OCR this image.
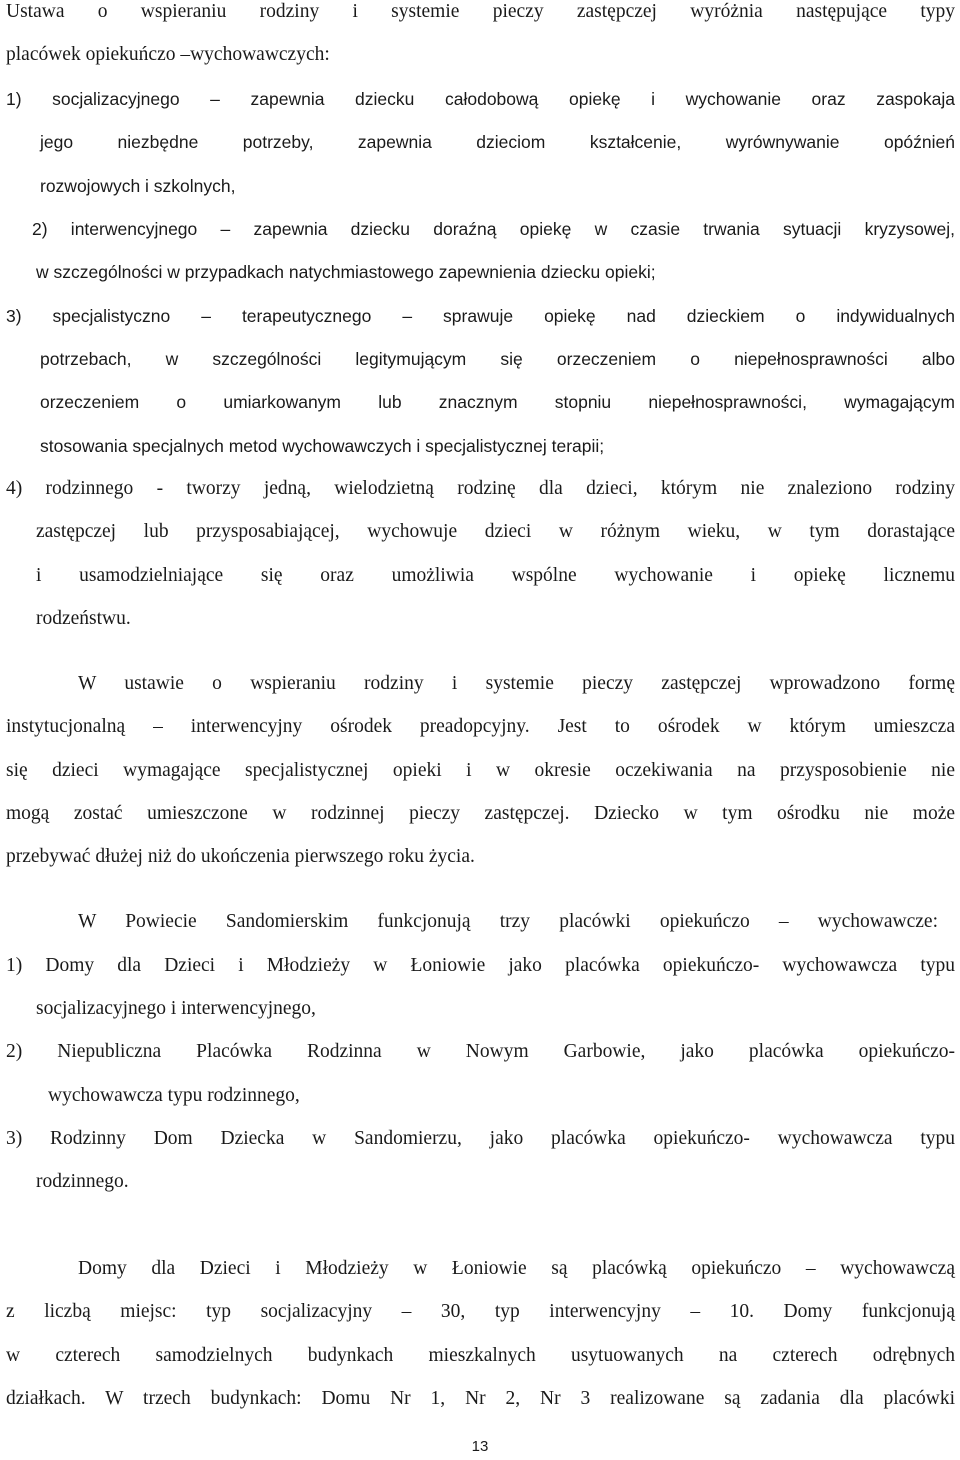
Ustawa o wspieraniu rodziny i systemie pieczy zastępczej wyróżnia następujące typy
placówek opiekuńczo –wychowawczych:
1) socjalizacyjnego – zapewnia dziecku całodobową opiekę i wychowanie oraz zaspokaja
jego niezbędne potrzeby, zapewnia dzieciom kształcenie, wyrównywanie opóźnień
rozwojowych i szkolnych,
2) interwencyjnego – zapewnia dziecku doraźną opiekę w czasie trwania sytuacji kryzysowej,
w szczególności w przypadkach natychmiastowego zapewnienia dziecku opieki;
3) specjalistyczno – terapeutycznego – sprawuje opiekę nad dzieckiem o indywidualnych
potrzebach, w szczególności legitymującym się orzeczeniem o niepełnosprawności albo
orzeczeniem o umiarkowanym lub znacznym stopniu niepełnosprawności, wymagającym
stosowania specjalnych metod wychowawczych i specjalistycznej terapii;
4) rodzinnego - tworzy jedną, wielodzietną rodzinę dla dzieci, którym nie znaleziono rodziny
zastępczej lub przysposabiającej, wychowuje dzieci w różnym wieku, w tym dorastające
i usamodzielniające się oraz umożliwia wspólne wychowanie i opiekę licznemu
rodzeństwu.
W ustawie o wspieraniu rodziny i systemie pieczy zastępczej wprowadzono formę
instytucjonalną – interwencyjny ośrodek preadopcyjny. Jest to ośrodek w którym umieszcza
się dzieci wymagające specjalistycznej opieki i w okresie oczekiwania na przysposobienie nie
mogą zostać umieszczone w rodzinnej pieczy zastępczej. Dziecko w tym ośrodku nie może
przebywać dłużej niż do ukończenia pierwszego roku życia.
W Powiecie Sandomierskim funkcjonują trzy placówki opiekuńczo – wychowawcze:
1) Domy dla Dzieci i Młodzieży w Łoniowie jako placówka opiekuńczo- wychowawcza typu
socjalizacyjnego i interwencyjnego,
2) Niepubliczna Placówka Rodzinna w Nowym Garbowie, jako placówka opiekuńczo-
wychowawcza typu rodzinnego,
3) Rodzinny Dom Dziecka w Sandomierzu, jako placówka opiekuńczo- wychowawcza typu
rodzinnego.
Domy dla Dzieci i Młodzieży w Łoniowie są placówką opiekuńczo – wychowawczą
z liczbą miejsc: typ socjalizacyjny – 30, typ interwencyjny – 10. Domy funkcjonują
w czterech samodzielnych budynkach mieszkalnych usytuowanych na czterech odrębnych
działkach. W trzech budynkach: Domu Nr 1, Nr 2, Nr 3 realizowane są zadania dla placówki
13
